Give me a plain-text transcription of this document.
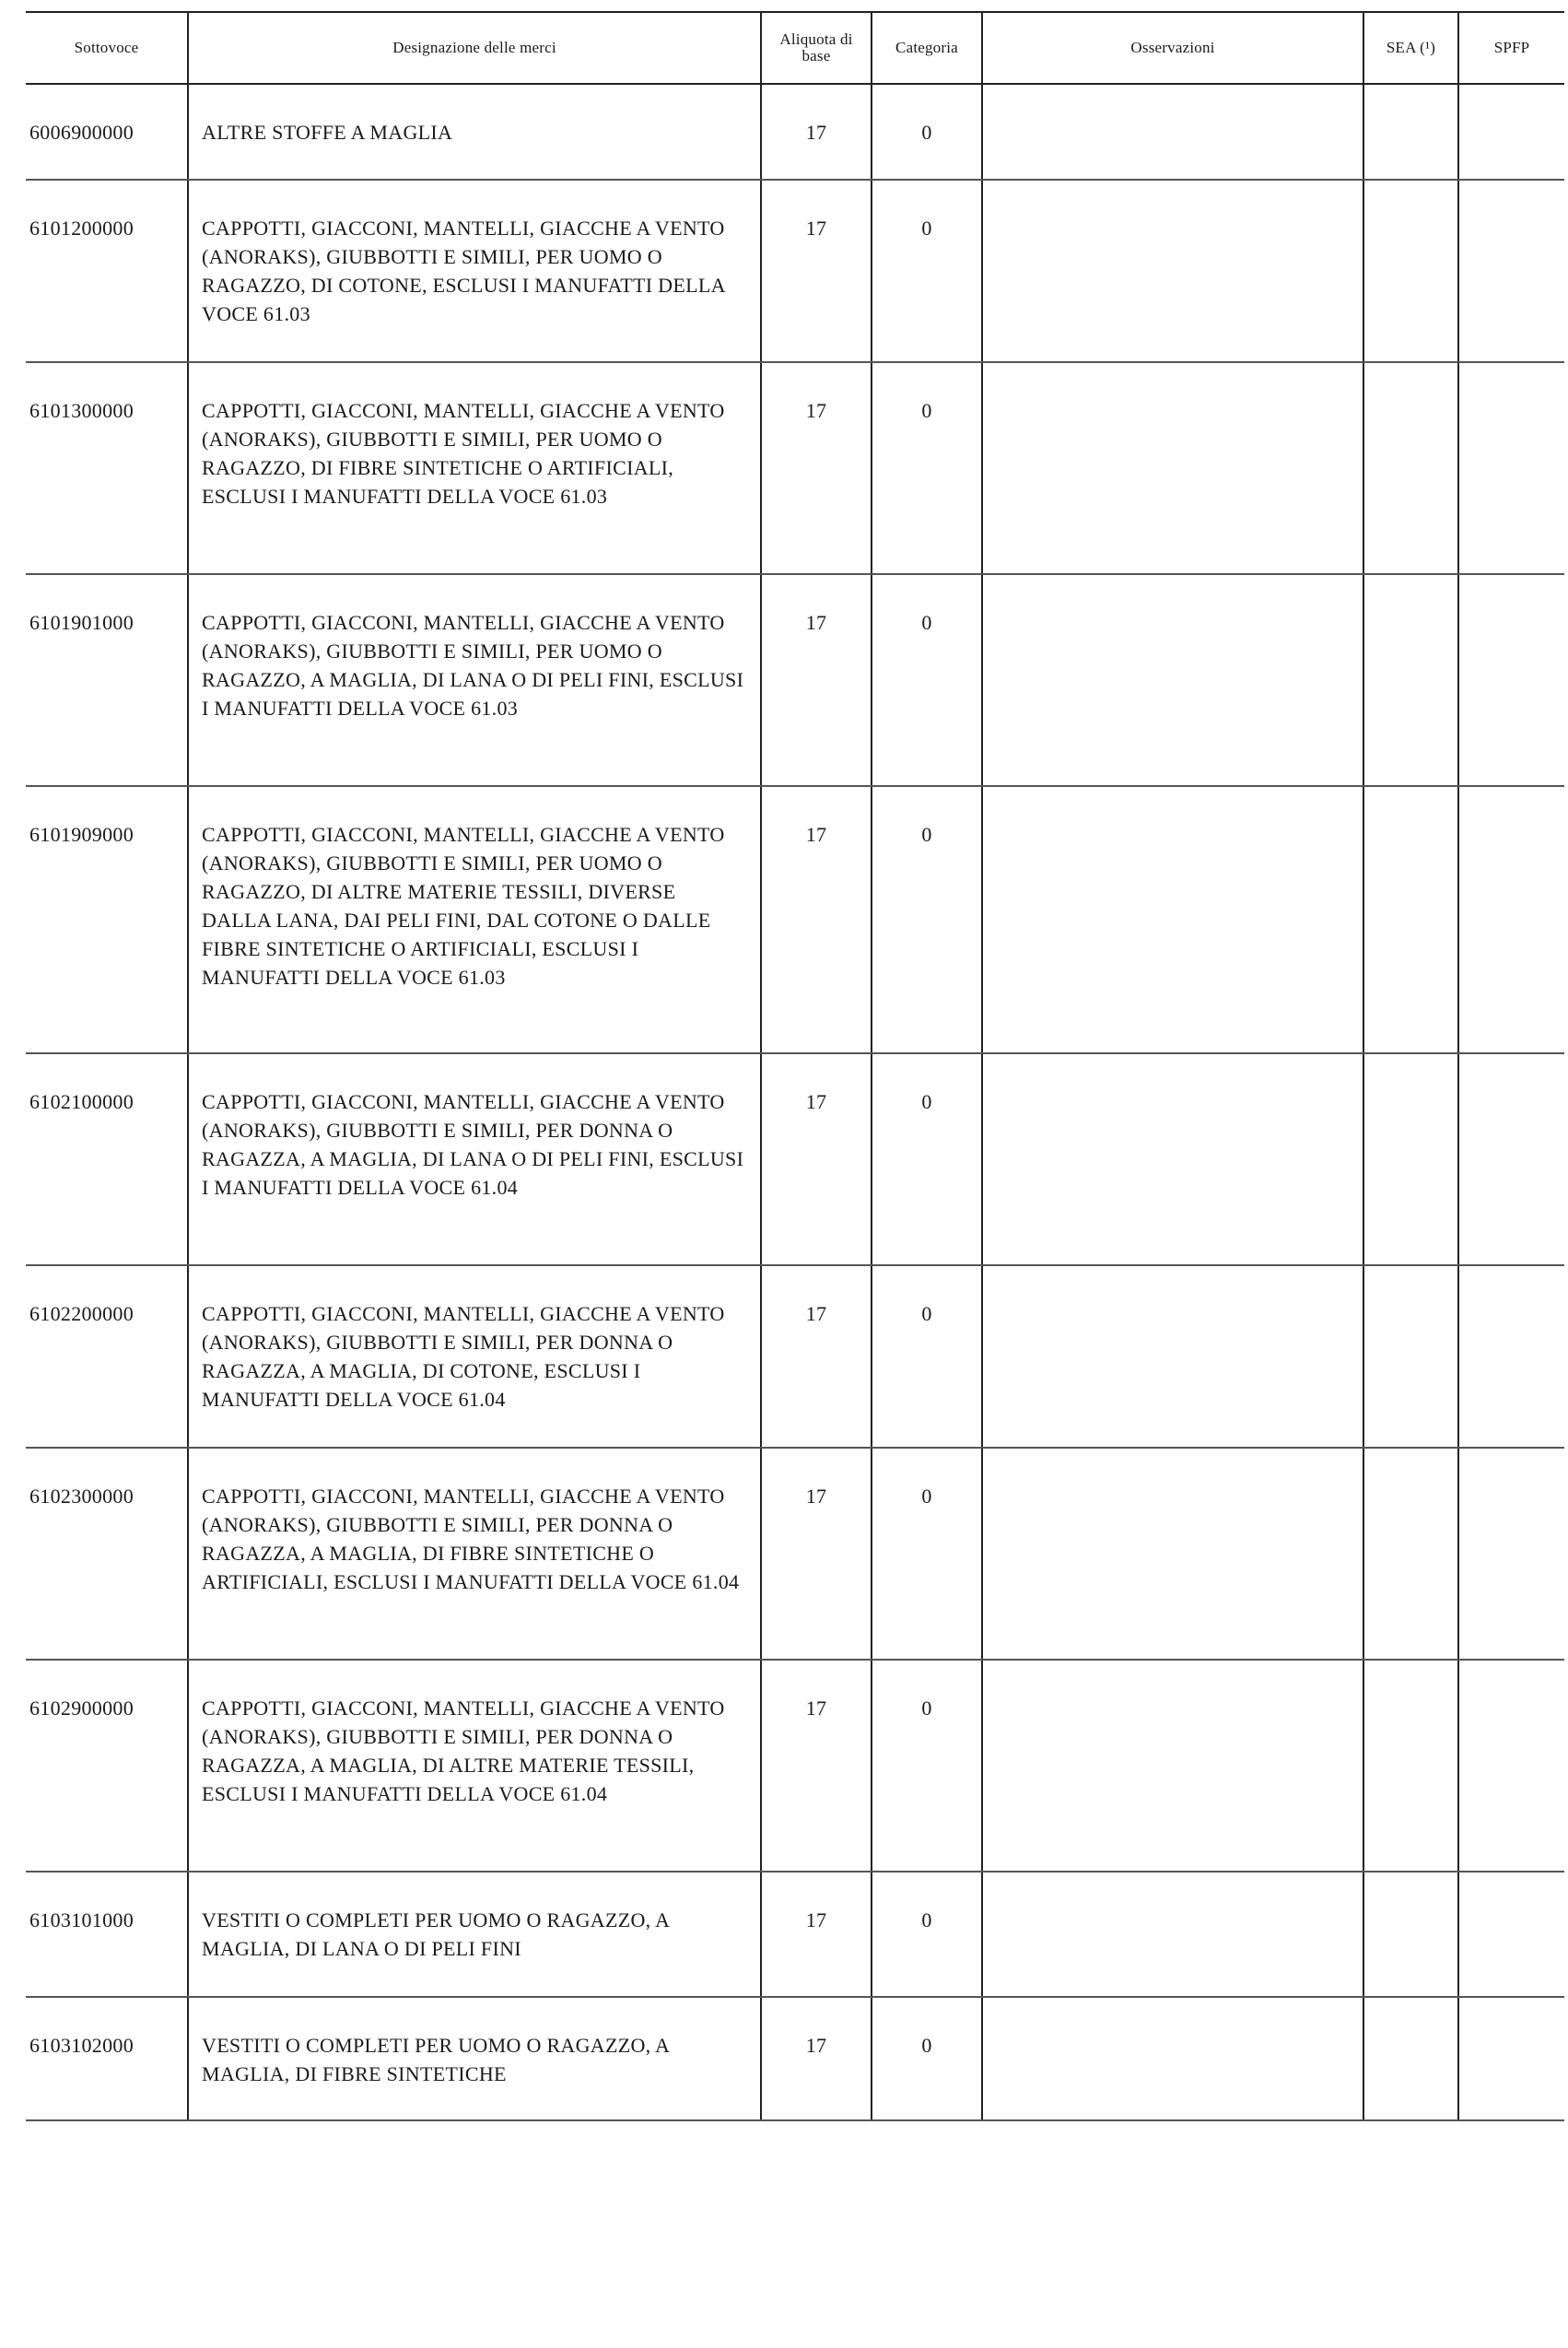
Sottovoce	Designazione delle merci	Aliquota di base	Categoria	Osservazioni	SEA (¹)	SPFP
6006900000	ALTRE STOFFE A MAGLIA	17	0			
6101200000	CAPPOTTI, GIACCONI, MANTELLI, GIACCHE A VENTO (ANORAKS), GIUBBOTTI E SIMILI, PER UOMO O RAGAZZO, DI COTONE, ESCLUSI I MANUFATTI DELLA VOCE 61.03	17	0			
6101300000	CAPPOTTI, GIACCONI, MANTELLI, GIACCHE A VENTO (ANORAKS), GIUBBOTTI E SIMILI, PER UOMO O RAGAZZO, DI FIBRE SINTETICHE O ARTIFICIALI, ESCLUSI I MANUFATTI DELLA VOCE 61.03	17	0			
6101901000	CAPPOTTI, GIACCONI, MANTELLI, GIACCHE A VENTO (ANORAKS), GIUBBOTTI E SIMILI, PER UOMO O RAGAZZO, A MAGLIA, DI LANA O DI PELI FINI, ESCLUSI I MANUFATTI DELLA VOCE 61.03	17	0			
6101909000	CAPPOTTI, GIACCONI, MANTELLI, GIACCHE A VENTO (ANORAKS), GIUBBOTTI E SIMILI, PER UOMO O RAGAZZO, DI ALTRE MATERIE TESSILI, DIVERSE DALLA LANA, DAI PELI FINI, DAL COTONE O DALLE FIBRE SINTETICHE O ARTIFICIALI, ESCLUSI I MANUFATTI DELLA VOCE 61.03	17	0			
6102100000	CAPPOTTI, GIACCONI, MANTELLI, GIACCHE A VENTO (ANORAKS), GIUBBOTTI E SIMILI, PER DONNA O RAGAZZA, A MAGLIA, DI LANA O DI PELI FINI, ESCLUSI I MANUFATTI DELLA VOCE 61.04	17	0			
6102200000	CAPPOTTI, GIACCONI, MANTELLI, GIACCHE A VENTO (ANORAKS), GIUBBOTTI E SIMILI, PER DONNA O RAGAZZA, A MAGLIA, DI COTONE, ESCLUSI I MANUFATTI DELLA VOCE 61.04	17	0			
6102300000	CAPPOTTI, GIACCONI, MANTELLI, GIACCHE A VENTO (ANORAKS), GIUBBOTTI E SIMILI, PER DONNA O RAGAZZA, A MAGLIA, DI FIBRE SINTETICHE O ARTIFICIALI, ESCLUSI I MANUFATTI DELLA VOCE 61.04	17	0			
6102900000	CAPPOTTI, GIACCONI, MANTELLI, GIACCHE A VENTO (ANORAKS), GIUBBOTTI E SIMILI, PER DONNA O RAGAZZA, A MAGLIA, DI ALTRE MATERIE TESSILI, ESCLUSI I MANUFATTI DELLA VOCE 61.04	17	0			
6103101000	VESTITI O COMPLETI PER UOMO O RAGAZZO, A MAGLIA, DI LANA O DI PELI FINI	17	0			
6103102000	VESTITI O COMPLETI PER UOMO O RAGAZZO, A MAGLIA, DI FIBRE SINTETICHE	17	0			
